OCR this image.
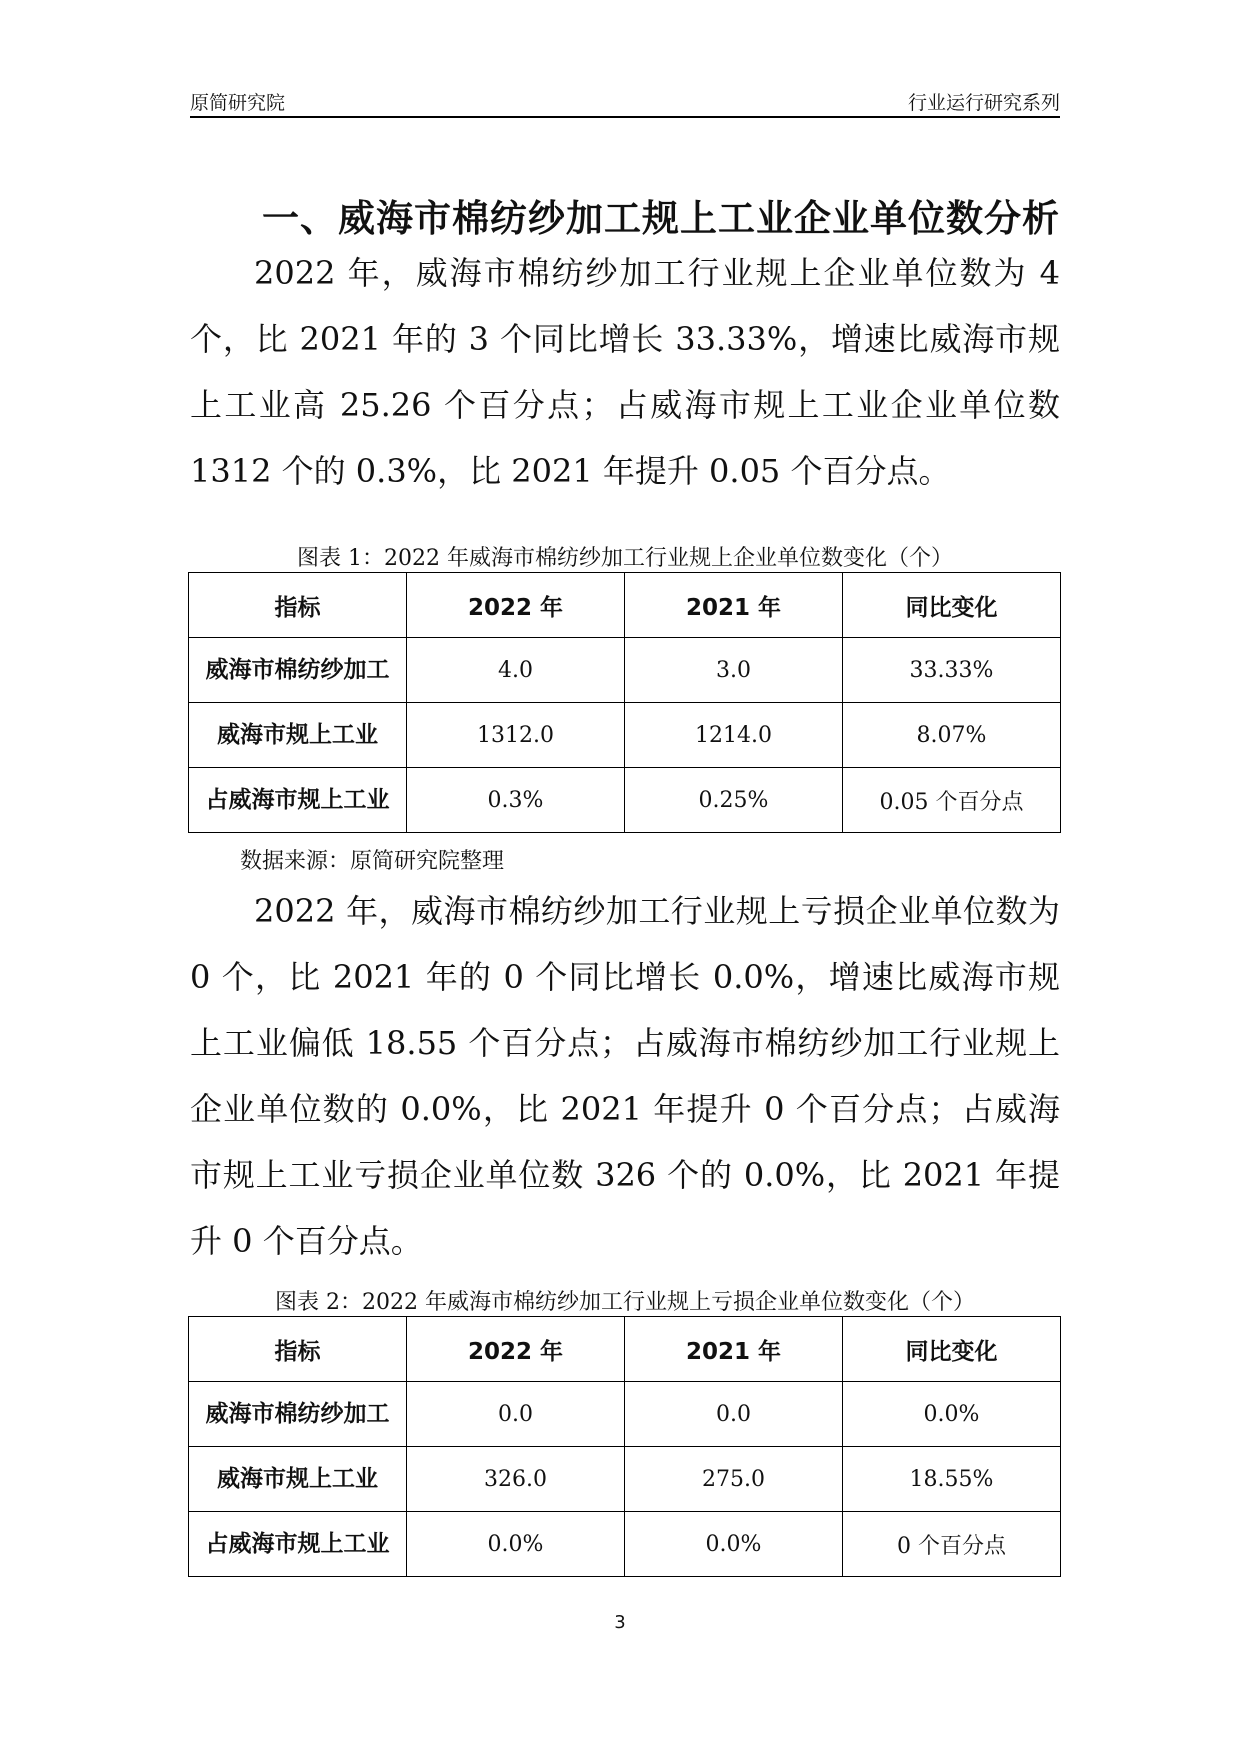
原简研究院	行业运行研究系列
一、威海市棉纺纱加工规上工业企业单位数分析
2022 年，威海市棉纺纱加工行业规上企业单位数为 4 个，比 2021 年的 3 个同比增长 33.33%，增速比威海市规上工业高 25.26 个百分点；占威海市规上工业企业单位数 1312 个的 0.3%，比 2021 年提升 0.05 个百分点。
图表 1：2022 年威海市棉纺纱加工行业规上企业单位数变化（个）
指标	2022 年	2021 年	同比变化
威海市棉纺纱加工	4.0	3.0	33.33%
威海市规上工业	1312.0	1214.0	8.07%
占威海市规上工业	0.3%	0.25%	0.05 个百分点
数据来源：原简研究院整理
2022 年，威海市棉纺纱加工行业规上亏损企业单位数为 0 个，比 2021 年的 0 个同比增长 0.0%，增速比威海市规上工业偏低 18.55 个百分点；占威海市棉纺纱加工行业规上企业单位数的 0.0%，比 2021 年提升 0 个百分点；占威海市规上工业亏损企业单位数 326 个的 0.0%，比 2021 年提升 0 个百分点。
图表 2：2022 年威海市棉纺纱加工行业规上亏损企业单位数变化（个）
指标	2022 年	2021 年	同比变化
威海市棉纺纱加工	0.0	0.0	0.0%
威海市规上工业	326.0	275.0	18.55%
占威海市规上工业	0.0%	0.0%	0 个百分点
3
